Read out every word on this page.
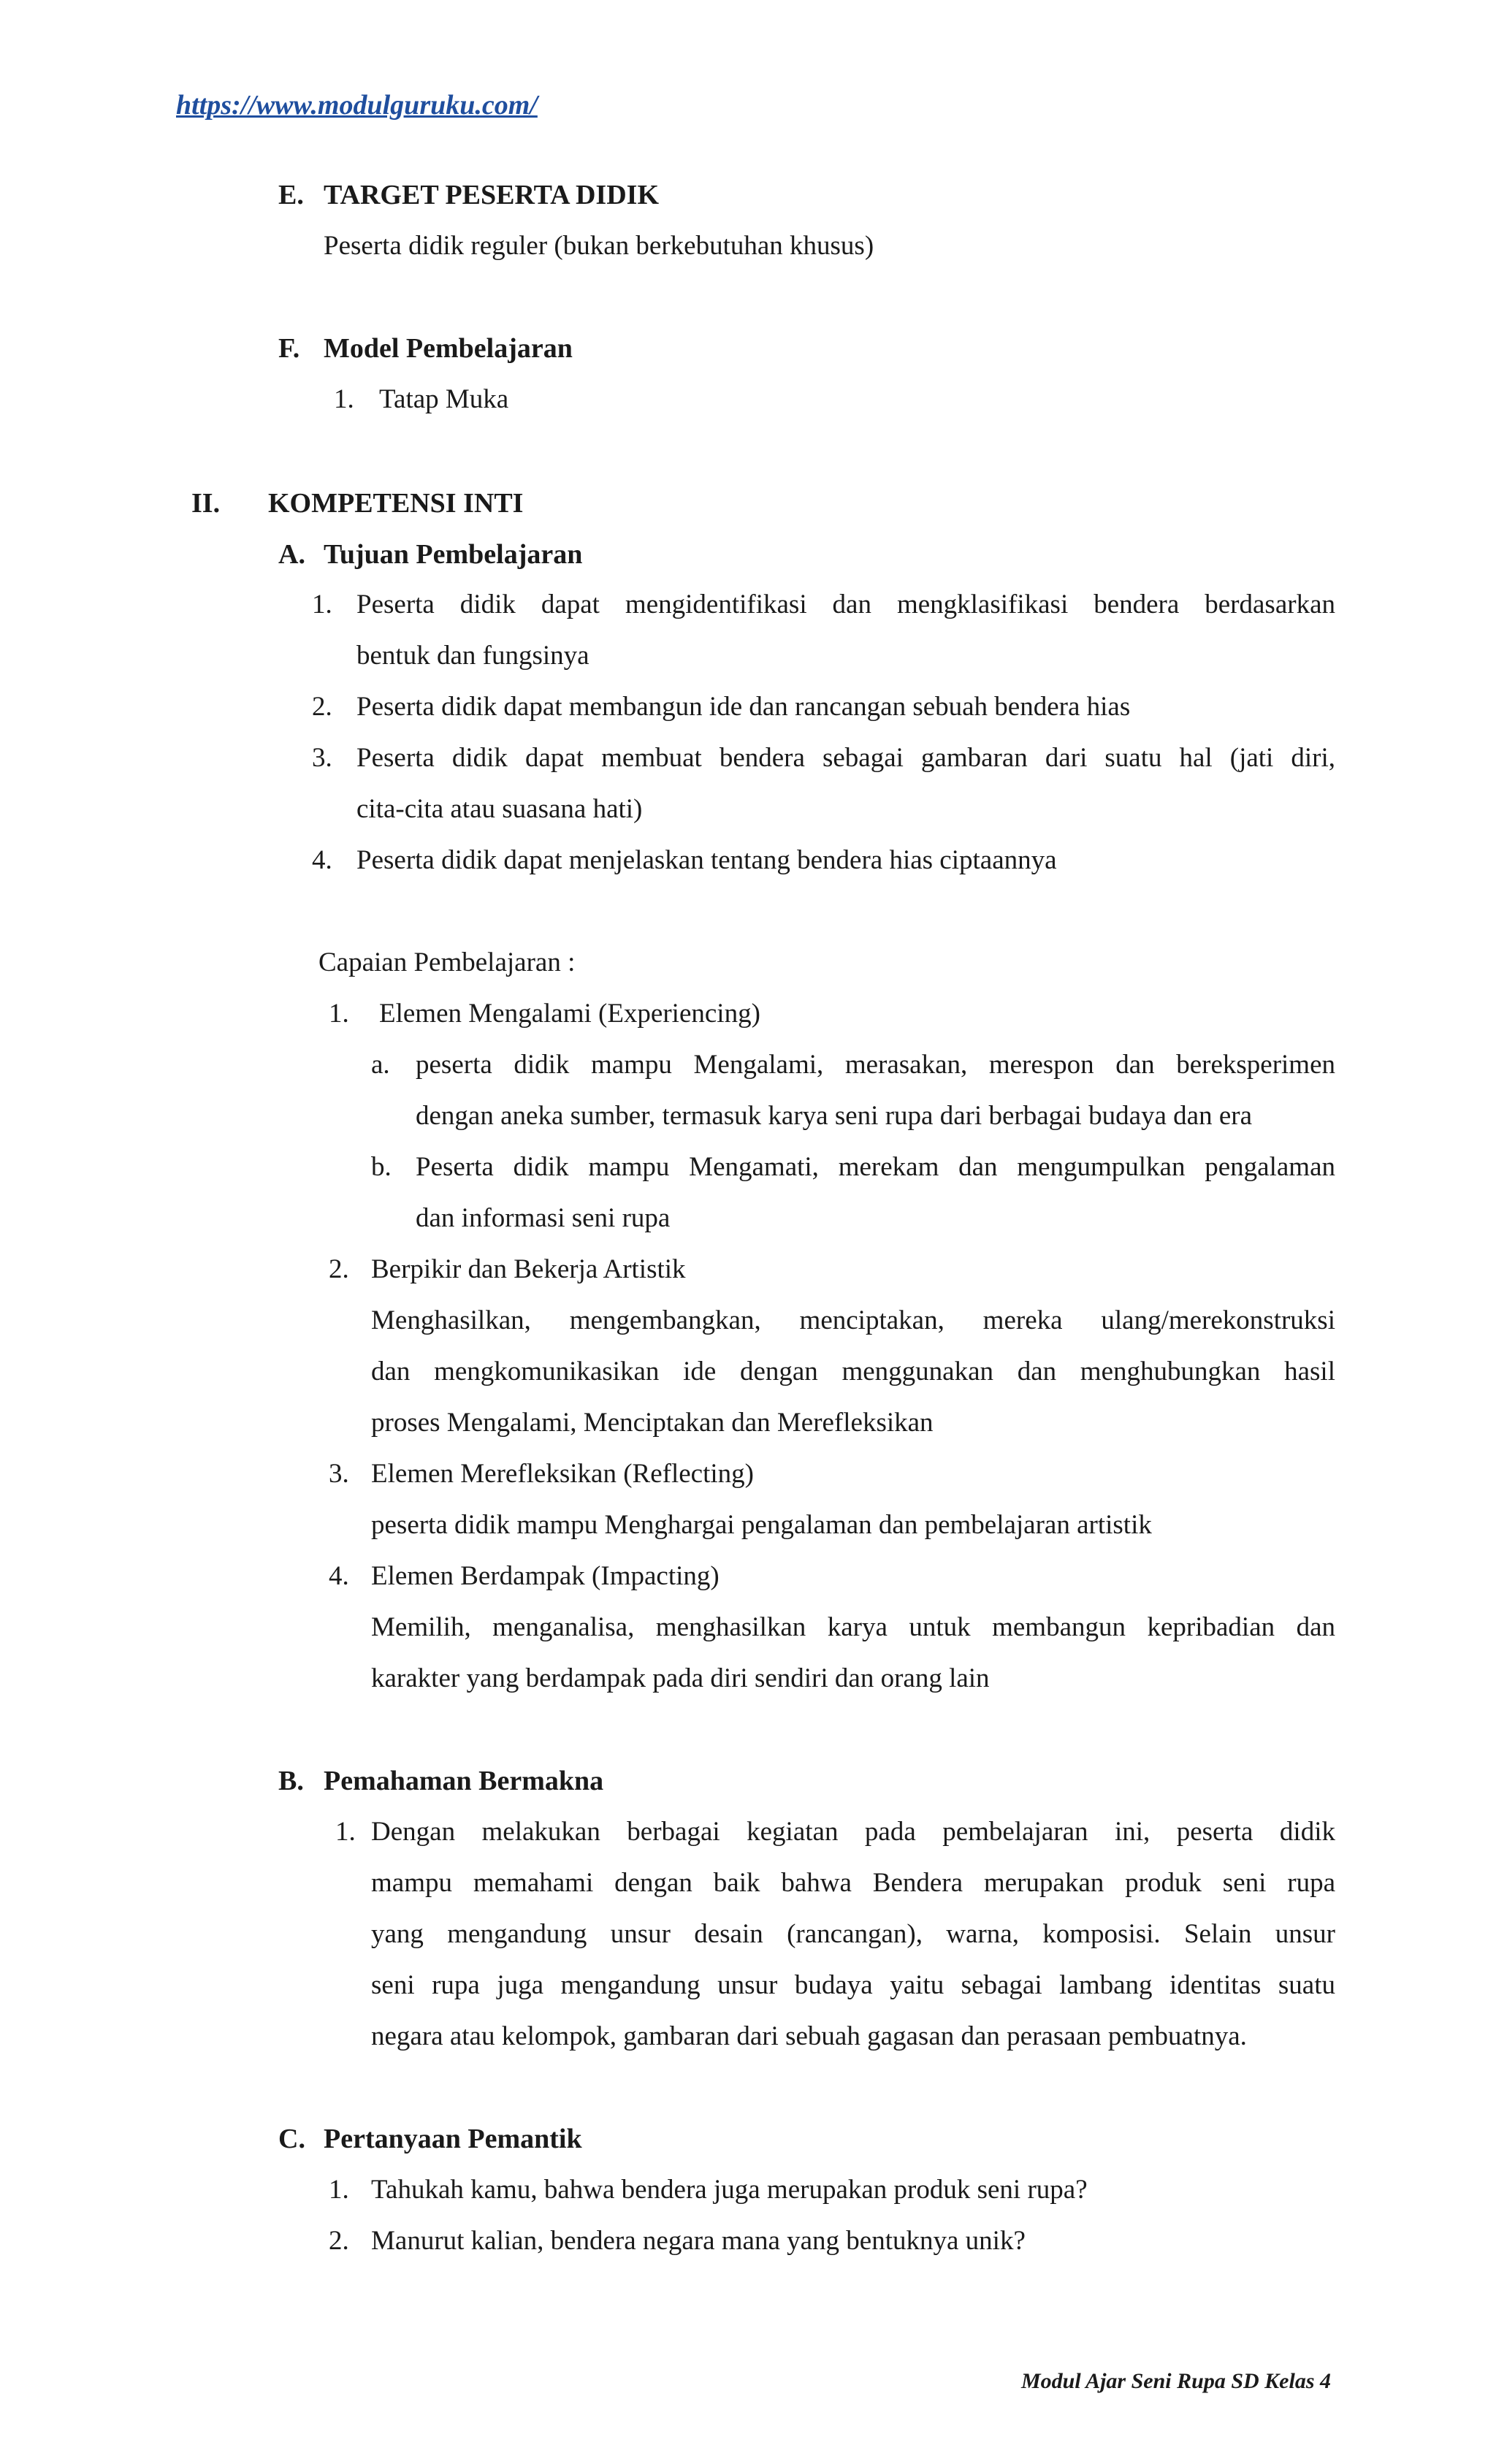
https://www.modulguruku.com/
E. TARGET PESERTA DIDIK
Peserta didik reguler (bukan berkebutuhan khusus)
F. Model Pembelajaran
1. Tatap Muka
II. KOMPETENSI INTI
A. Tujuan Pembelajaran
1. Peserta didik dapat mengidentifikasi dan mengklasifikasi bendera berdasarkan
bentuk dan fungsinya
2. Peserta didik dapat membangun ide dan rancangan sebuah bendera hias
3. Peserta didik dapat membuat bendera sebagai gambaran dari suatu hal (jati diri,
cita-cita atau suasana hati)
4. Peserta didik dapat menjelaskan tentang bendera hias ciptaannya
Capaian Pembelajaran :
1. Elemen Mengalami (Experiencing)
a. peserta didik mampu Mengalami, merasakan, merespon dan bereksperimen
dengan aneka sumber, termasuk karya seni rupa dari berbagai budaya dan era
b. Peserta didik mampu Mengamati, merekam dan mengumpulkan pengalaman
dan informasi seni rupa
2. Berpikir dan Bekerja Artistik
Menghasilkan, mengembangkan, menciptakan, mereka ulang/merekonstruksi
dan mengkomunikasikan ide dengan menggunakan dan menghubungkan hasil
proses Mengalami, Menciptakan dan Merefleksikan
3. Elemen Merefleksikan (Reflecting)
peserta didik mampu Menghargai pengalaman dan pembelajaran artistik
4. Elemen Berdampak (Impacting)
Memilih, menganalisa, menghasilkan karya untuk membangun kepribadian dan
karakter yang berdampak pada diri sendiri dan orang lain
B. Pemahaman Bermakna
1. Dengan melakukan berbagai kegiatan pada pembelajaran ini, peserta didik
mampu memahami dengan baik bahwa Bendera merupakan produk seni rupa
yang mengandung unsur desain (rancangan), warna, komposisi. Selain unsur
seni rupa juga mengandung unsur budaya yaitu sebagai lambang identitas suatu
negara atau kelompok, gambaran dari sebuah gagasan dan perasaan pembuatnya.
C. Pertanyaan Pemantik
1. Tahukah kamu, bahwa bendera juga merupakan produk seni rupa?
2. Manurut kalian, bendera negara mana yang bentuknya unik?
Modul Ajar Seni Rupa SD Kelas 4
